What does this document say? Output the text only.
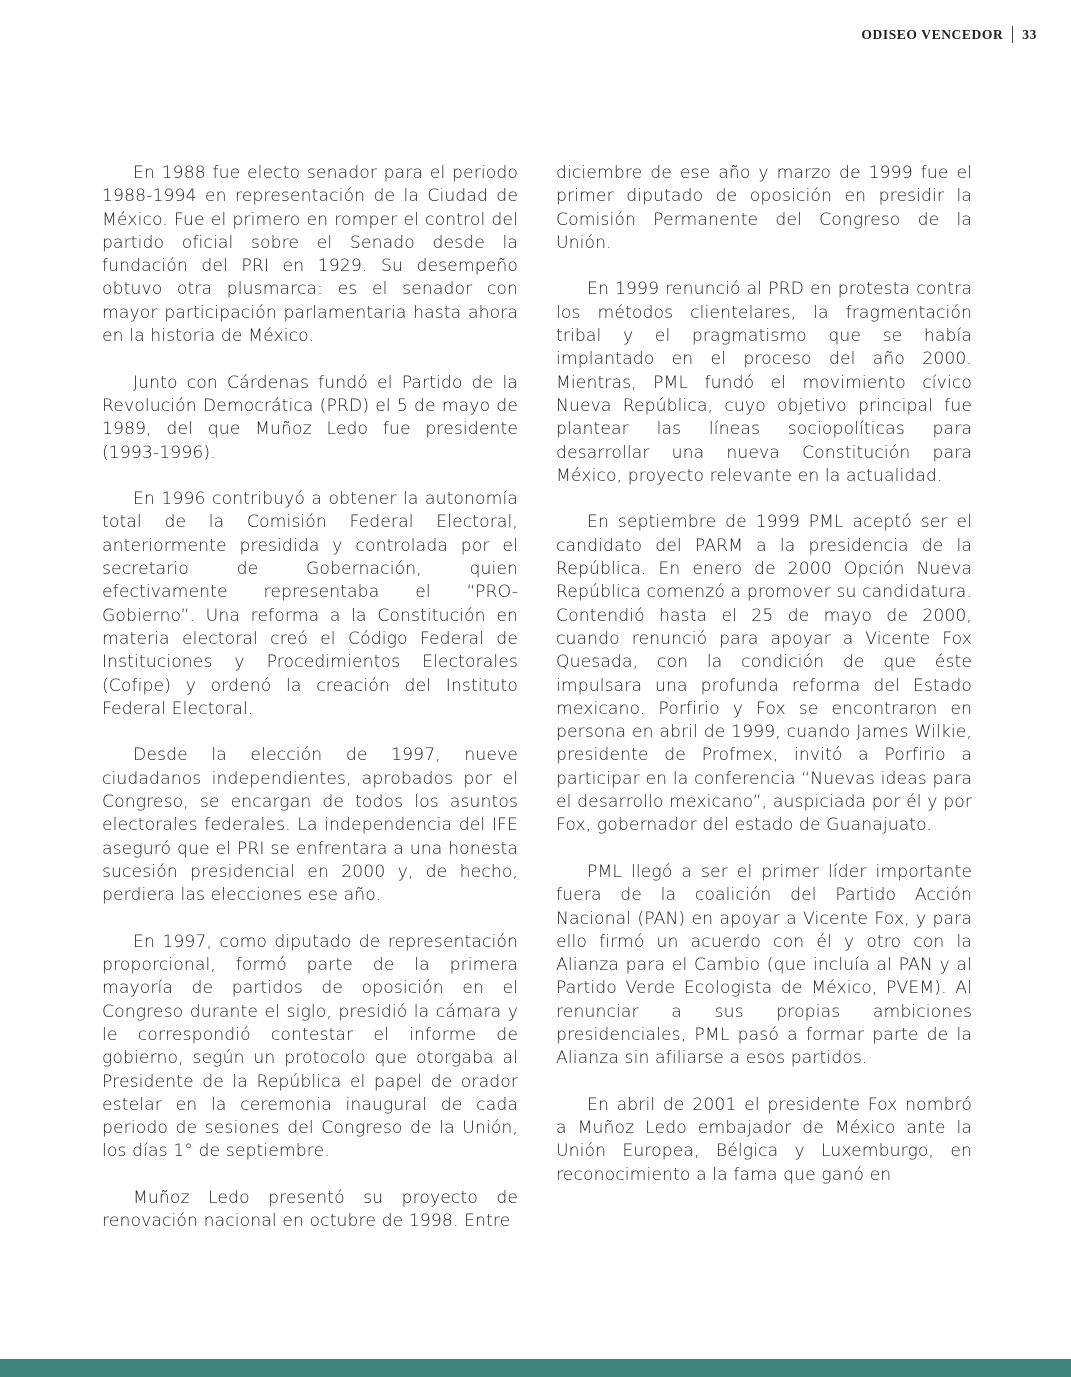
ODISEO VENCEDOR 33

En 1988 fue electo senador para el periodo 1988-1994 en representación de la Ciudad de México. Fue el primero en romper el control del partido oficial sobre el Senado desde la fundación del PRI en 1929. Su desempeño obtuvo otra plusmarca: es el senador con mayor participación parlamentaria hasta ahora en la historia de México.

Junto con Cárdenas fundó el Partido de la Revolución Democrática (PRD) el 5 de mayo de 1989, del que Muñoz Ledo fue presidente (1993-1996).

En 1996 contribuyó a obtener la autonomía total de la Comisión Federal Electoral, anteriormente presidida y controlada por el secretario de Gobernación, quien efectivamente representaba el “PRO-Gobierno”. Una reforma a la Constitución en materia electoral creó el Código Federal de Instituciones y Procedimientos Electorales (Cofipe) y ordenó la creación del Instituto Federal Electoral.

Desde la elección de 1997, nueve ciudadanos independientes, aprobados por el Congreso, se encargan de todos los asuntos electorales federales. La independencia del IFE aseguró que el PRI se enfrentara a una honesta sucesión presidencial en 2000 y, de hecho, perdiera las elecciones ese año.

En 1997, como diputado de representación proporcional, formó parte de la primera mayoría de partidos de oposición en el Congreso durante el siglo, presidió la cámara y le correspondió contestar el informe de gobierno, según un protocolo que otorgaba al Presidente de la República el papel de orador estelar en la ceremonia inaugural de cada periodo de sesiones del Congreso de la Unión, los días 1° de septiembre.

Muñoz Ledo presentó su proyecto de renovación nacional en octubre de 1998. Entre

diciembre de ese año y marzo de 1999 fue el primer diputado de oposición en presidir la Comisión Permanente del Congreso de la Unión.

En 1999 renunció al PRD en protesta contra los métodos clientelares, la fragmentación tribal y el pragmatismo que se había implantado en el proceso del año 2000. Mientras, PML fundó el movimiento cívico Nueva República, cuyo objetivo principal fue plantear las líneas sociopolíticas para desarrollar una nueva Constitución para México, proyecto relevante en la actualidad.

En septiembre de 1999 PML aceptó ser el candidato del PARM a la presidencia de la República. En enero de 2000 Opción Nueva República comenzó a promover su candidatura. Contendió hasta el 25 de mayo de 2000, cuando renunció para apoyar a Vicente Fox Quesada, con la condición de que éste impulsara una profunda reforma del Estado mexicano. Porfirio y Fox se encontraron en persona en abril de 1999, cuando James Wilkie, presidente de Profmex, invitó a Porfirio a participar en la conferencia “Nuevas ideas para el desarrollo mexicano”, auspiciada por él y por Fox, gobernador del estado de Guanajuato.

PML llegó a ser el primer líder importante fuera de la coalición del Partido Acción Nacional (PAN) en apoyar a Vicente Fox, y para ello firmó un acuerdo con él y otro con la Alianza para el Cambio (que incluía al PAN y al Partido Verde Ecologista de México, PVEM). Al renunciar a sus propias ambiciones presidenciales, PML pasó a formar parte de la Alianza sin afiliarse a esos partidos.

En abril de 2001 el presidente Fox nombró a Muñoz Ledo embajador de México ante la Unión Europea, Bélgica y Luxemburgo, en reconocimiento a la fama que ganó en
